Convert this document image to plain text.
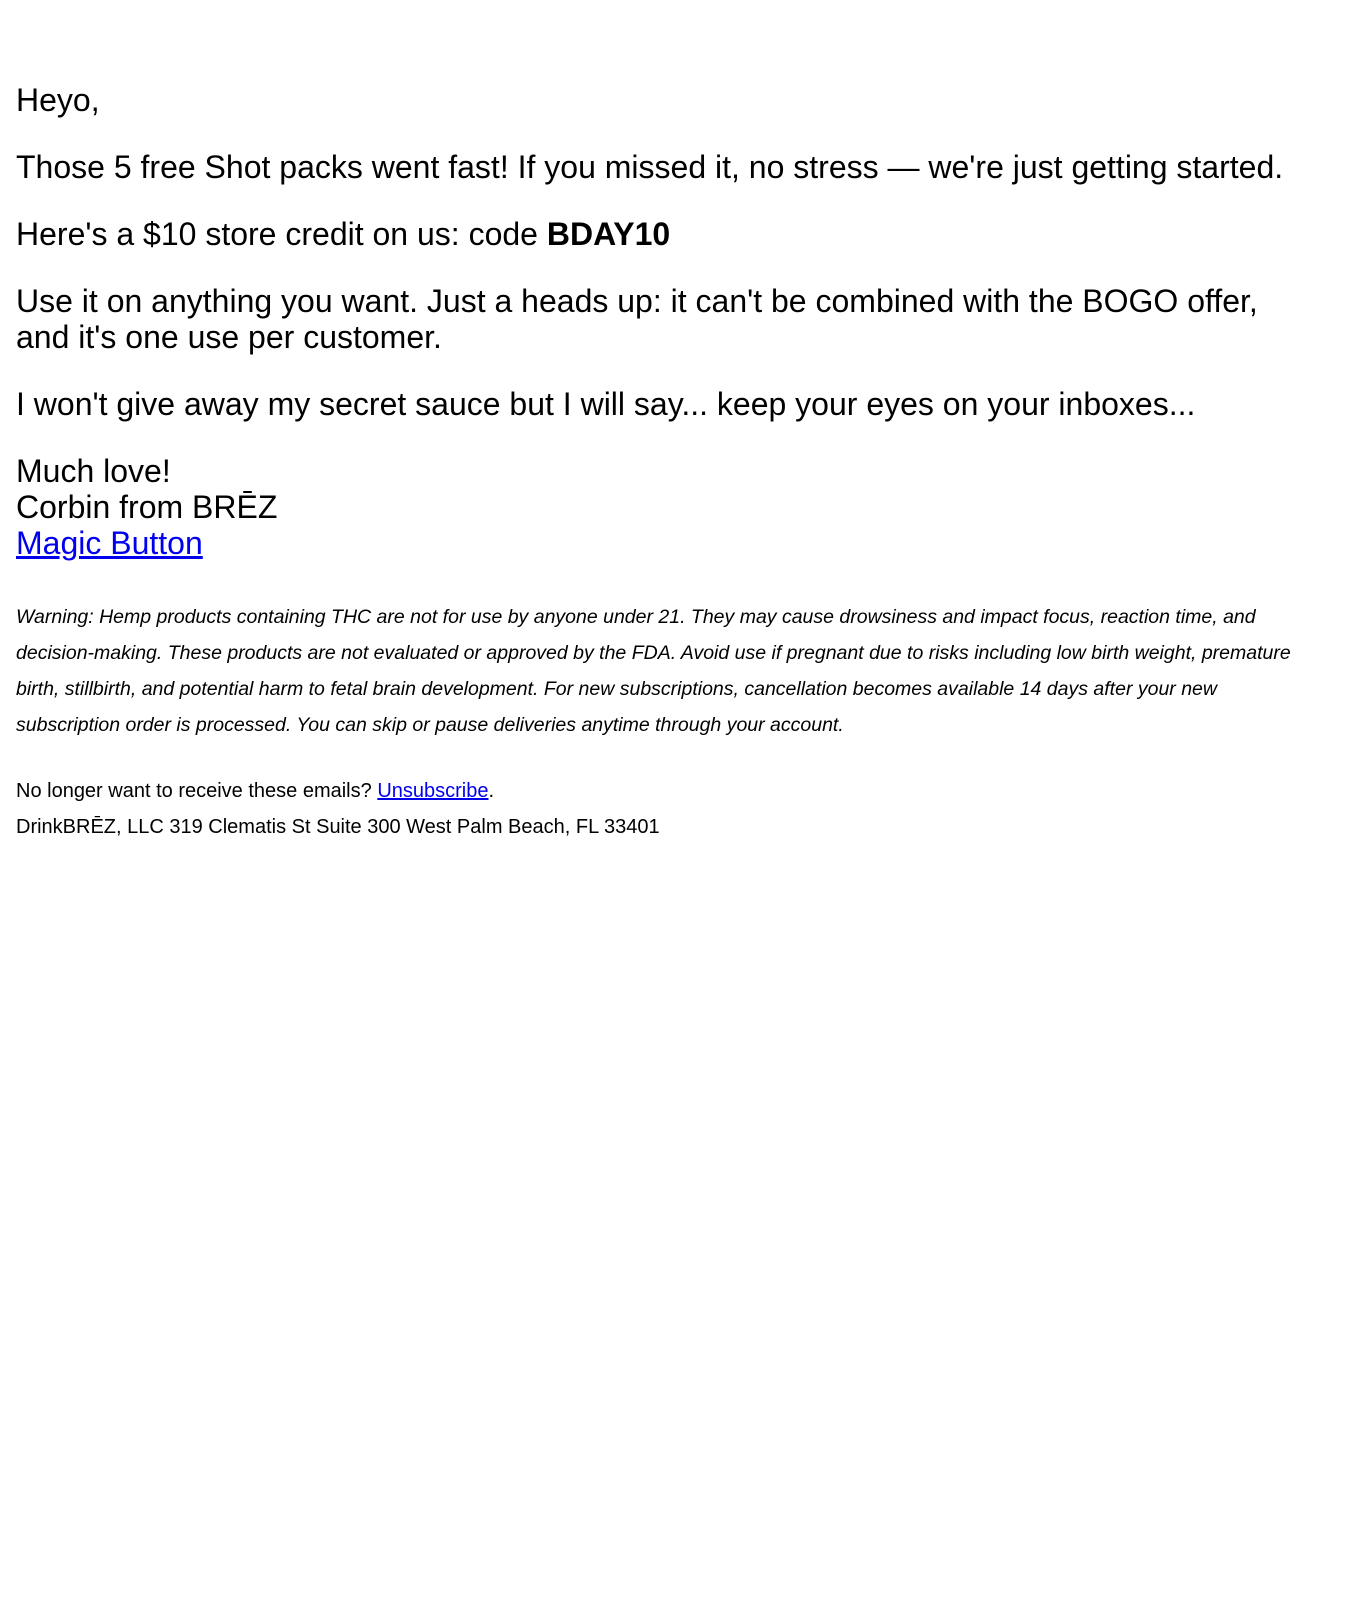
Heyo,

Those 5 free Shot packs went fast! If you missed it, no stress — we're just getting started.

Here's a $10 store credit on us: code BDAY10

Use it on anything you want. Just a heads up: it can't be combined with the BOGO offer, and it's one use per customer.

I won't give away my secret sauce but I will say... keep your eyes on your inboxes...

Much love!
Corbin from BRĒZ
Magic Button

Warning: Hemp products containing THC are not for use by anyone under 21. They may cause drowsiness and impact focus, reaction time, and decision-making. These products are not evaluated or approved by the FDA. Avoid use if pregnant due to risks including low birth weight, premature birth, stillbirth, and potential harm to fetal brain development. For new subscriptions, cancellation becomes available 14 days after your new subscription order is processed. You can skip or pause deliveries anytime through your account.

No longer want to receive these emails? Unsubscribe.
DrinkBRĒZ, LLC 319 Clematis St Suite 300 West Palm Beach, FL 33401
